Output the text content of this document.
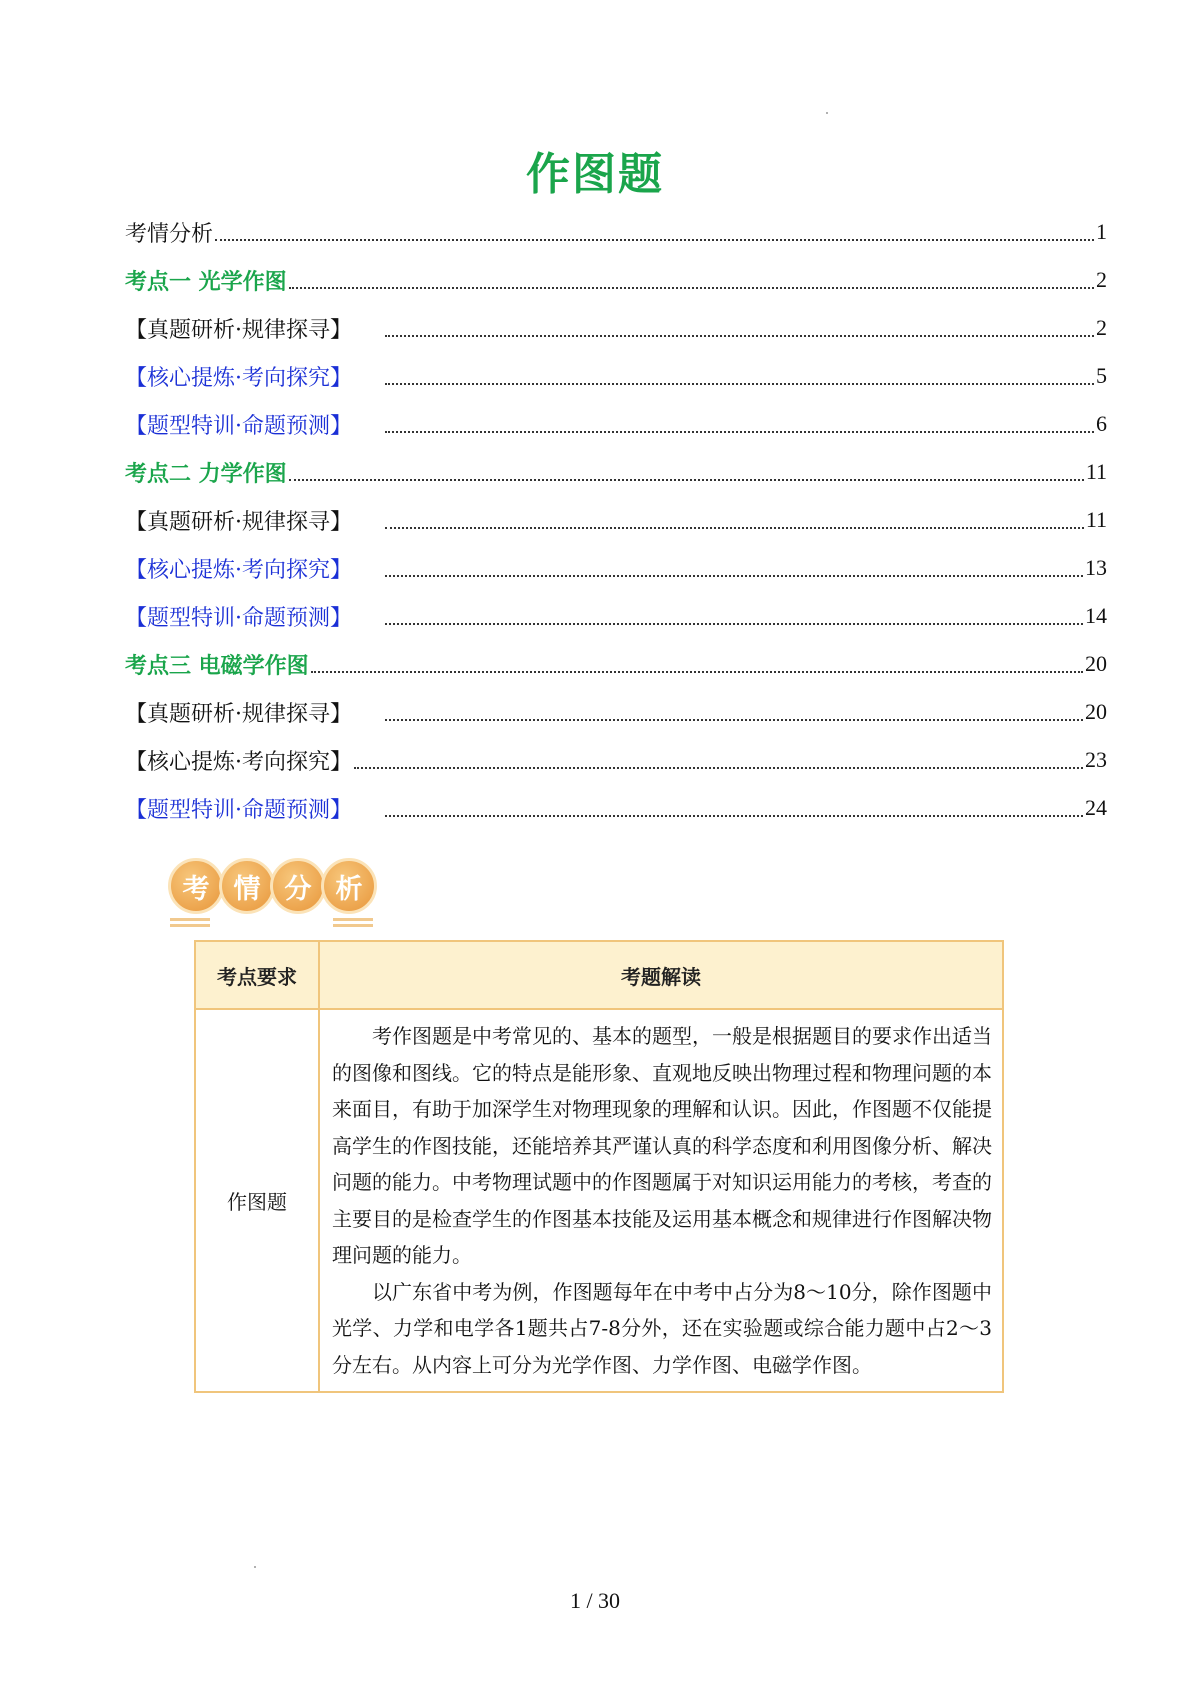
作图题
考情分析	1
考点一 光学作图	2
【真题研析·规律探寻】	2
【核心提炼·考向探究】	5
【题型特训·命题预测】	6
考点二 力学作图	11
【真题研析·规律探寻】	11
【核心提炼·考向探究】	13
【题型特训·命题预测】	14
考点三 电磁学作图	20
【真题研析·规律探寻】	20
【核心提炼·考向探究】	23
【题型特训·命题预测】	24
考 情 分 析
考点要求	考题解读
作图题	考作图题是中考常见的、基本的题型，一般是根据题目的要求作出适当的图像和图线。它的特点是能形象、直观地反映出物理过程和物理问题的本来面目，有助于加深学生对物理现象的理解和认识。因此，作图题不仅能提高学生的作图技能，还能培养其严谨认真的科学态度和利用图像分析、解决问题的能力。中考物理试题中的作图题属于对知识运用能力的考核，考查的主要目的是检查学生的作图基本技能及运用基本概念和规律进行作图解决物理问题的能力。

以广东省中考为例，作图题每年在中考中占分为8～10分，除作图题中光学、力学和电学各1题共占7-8分外，还在实验题或综合能力题中占2～3分左右。从内容上可分为光学作图、力学作图、电磁学作图。

1 / 30
